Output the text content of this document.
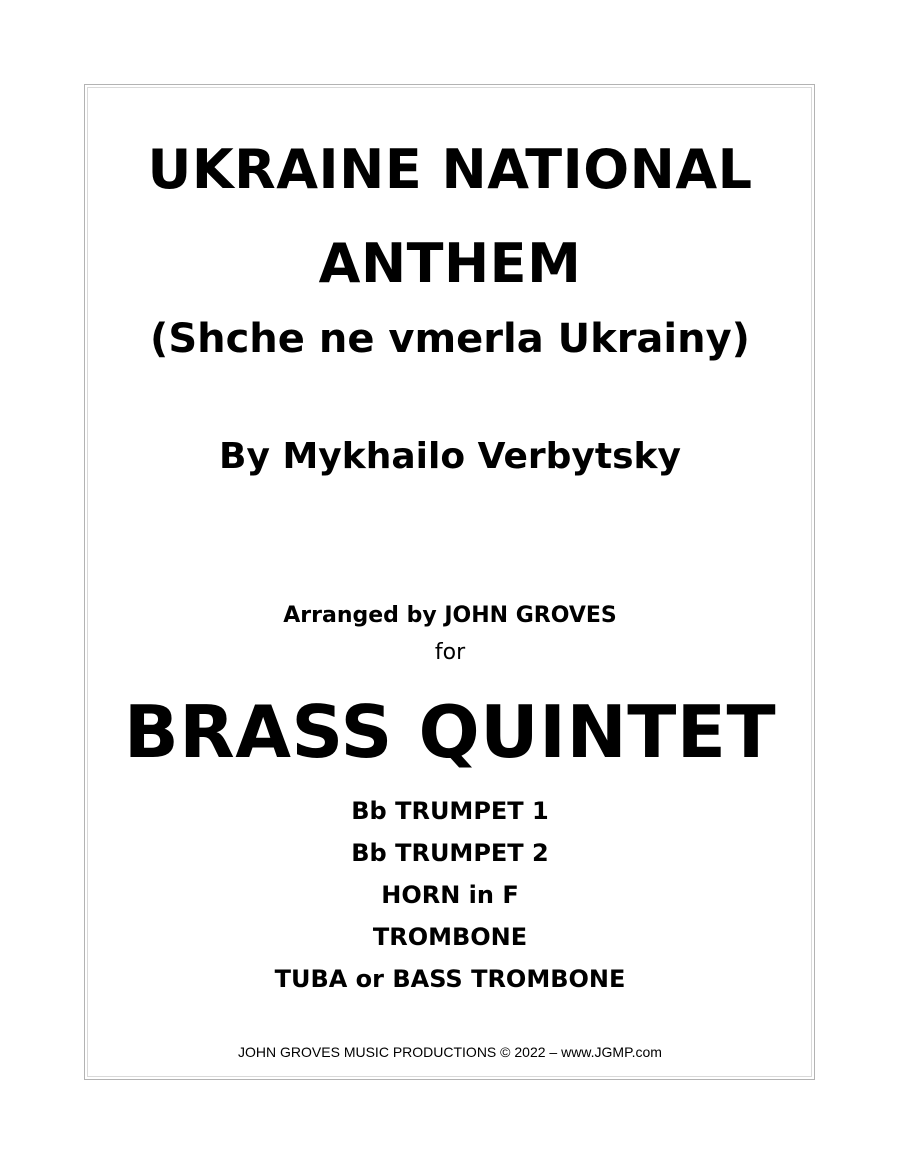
UKRAINE NATIONAL
ANTHEM
(Shche ne vmerla Ukrainy)
By Mykhailo Verbytsky
Arranged by JOHN GROVES
for
BRASS QUINTET
Bb TRUMPET 1
Bb TRUMPET 2
HORN in F
TROMBONE
TUBA or BASS TROMBONE
JOHN GROVES MUSIC PRODUCTIONS © 2022 – www.JGMP.com
